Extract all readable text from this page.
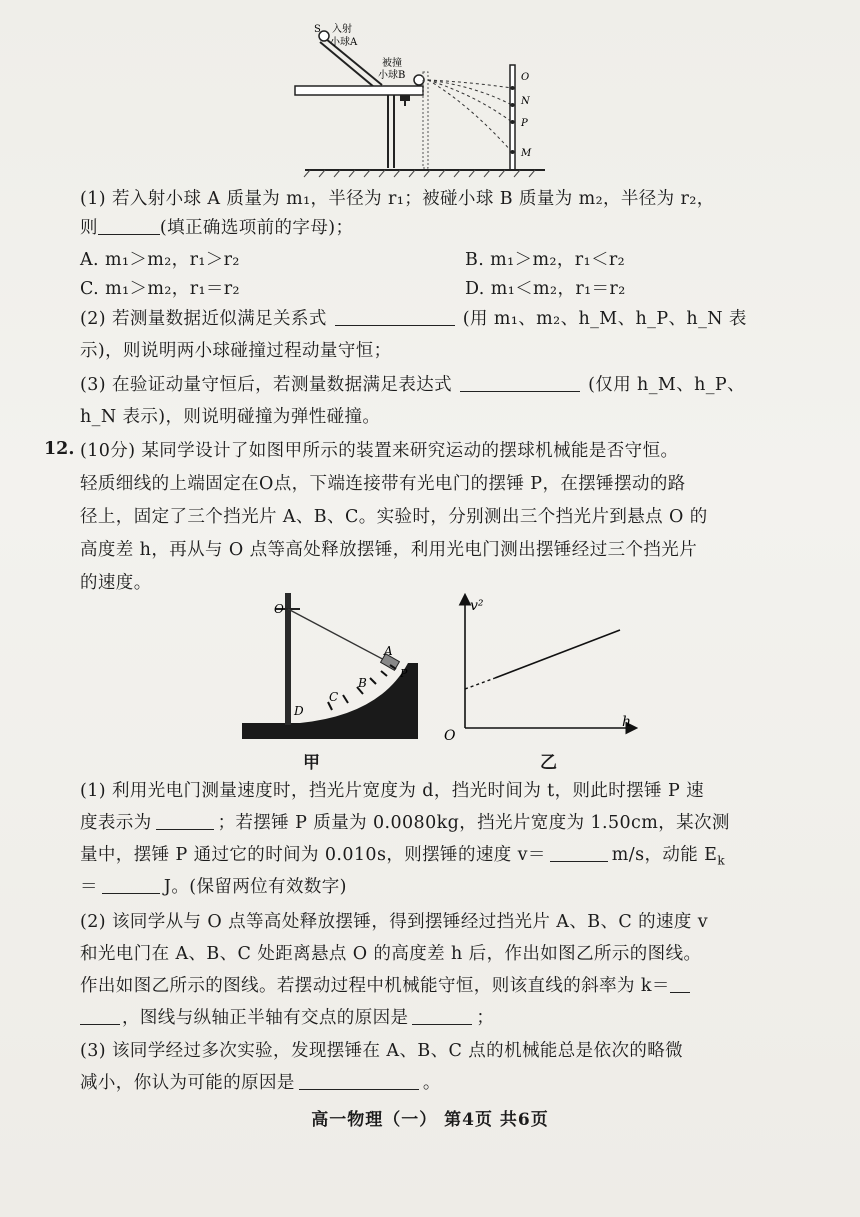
S 入射
小球A
被撞
小球B	O
N
P
M
(1) 若入射小球 A 质量为 m₁，半径为 r₁；被碰小球 B 质量为 m₂，半径为 r₂，
则	(填正确选项前的字母)；
A. m₁＞m₂，r₁＞r₂	B. m₁＞m₂，r₁＜r₂
C. m₁＞m₂，r₁＝r₂	D. m₁＜m₂，r₁＝r₂
(2) 若测量数据近似满足关系式	(用 m₁、m₂、h_M、h_P、h_N 表
示)，则说明两小球碰撞过程动量守恒；
(3) 在验证动量守恒后，若测量数据满足表达式	(仅用 h_M、h_P、
h_N 表示)，则说明碰撞为弹性碰撞。
12. (10分) 某同学设计了如图甲所示的装置来研究运动的摆球机械能是否守恒。
轻质细线的上端固定在O点，下端连接带有光电门的摆锤 P，在摆锤摆动的路
径上，固定了三个挡光片 A、B、C。实验时，分别测出三个挡光片到悬点 O 的
高度差 h，再从与 O 点等高处释放摆锤，利用光电门测出摆锤经过三个挡光片
的速度。
O
A
P
B
C
D
甲
v²
h
O
乙
(1) 利用光电门测量速度时，挡光片宽度为 d，挡光时间为 t，则此时摆锤 P 速
度表示为	；若摆锤 P 质量为 0.0080kg，挡光片宽度为 1.50cm，某次测
量中，摆锤 P 通过它的时间为 0.010s，则摆锤的速度 v＝	m/s，动能 $E_k$
＝	J。(保留两位有效数字)
(2) 该同学从与 O 点等高处释放摆锤，得到摆锤经过挡光片 A、B、C 的速度 v
和光电门在 A、B、C 处距离悬点 O 的高度差 h 后，作出如图乙所示的图线。
作出如图乙所示的图线。若摆动过程中机械能守恒，则该直线的斜率为 k＝
，图线与纵轴正半轴有交点的原因是	；
(3) 该同学经过多次实验，发现摆锤在 A、B、C 点的机械能总是依次的略微
减小，你认为可能的原因是	。
高一物理（一） 第4页 共6页
